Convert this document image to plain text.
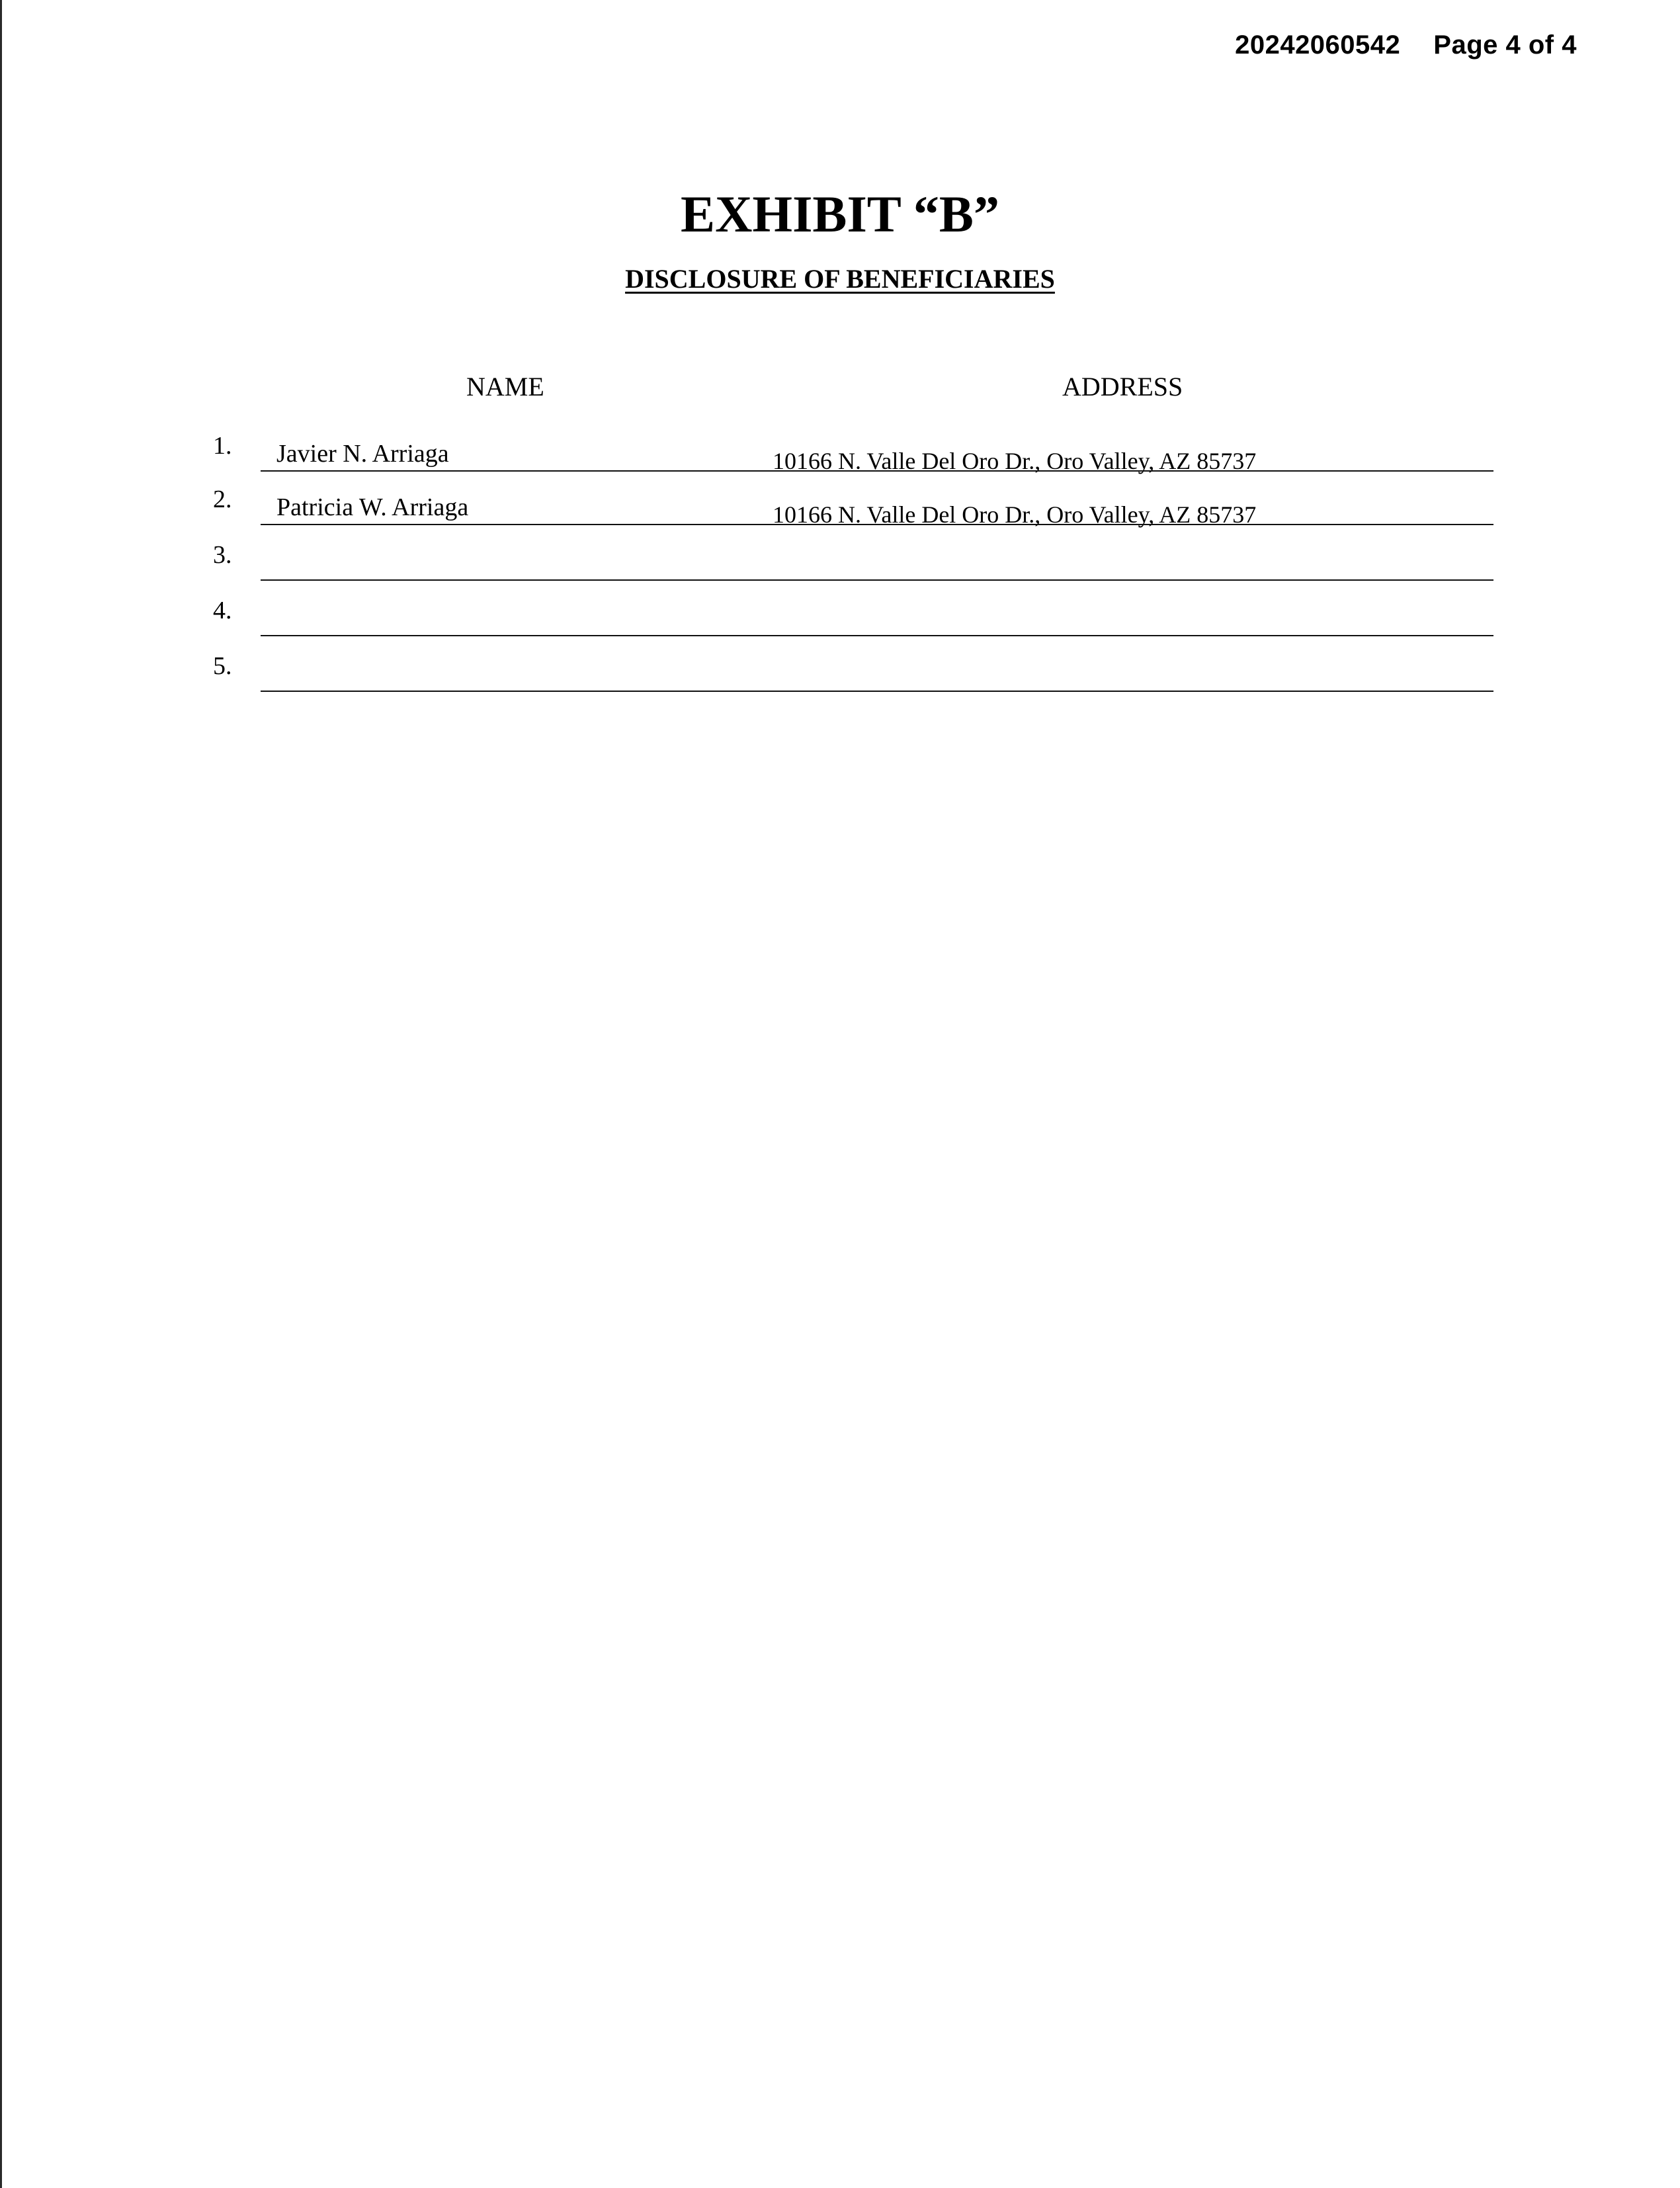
20242060542 Page 4 of 4
EXHIBIT “B”
DISCLOSURE OF BENEFICIARIES
NAME	ADDRESS
1. Javier N. Arriaga	10166 N. Valle Del Oro Dr., Oro Valley, AZ 85737
2. Patricia W. Arriaga	10166 N. Valle Del Oro Dr., Oro Valley, AZ 85737
3.
4.
5.
